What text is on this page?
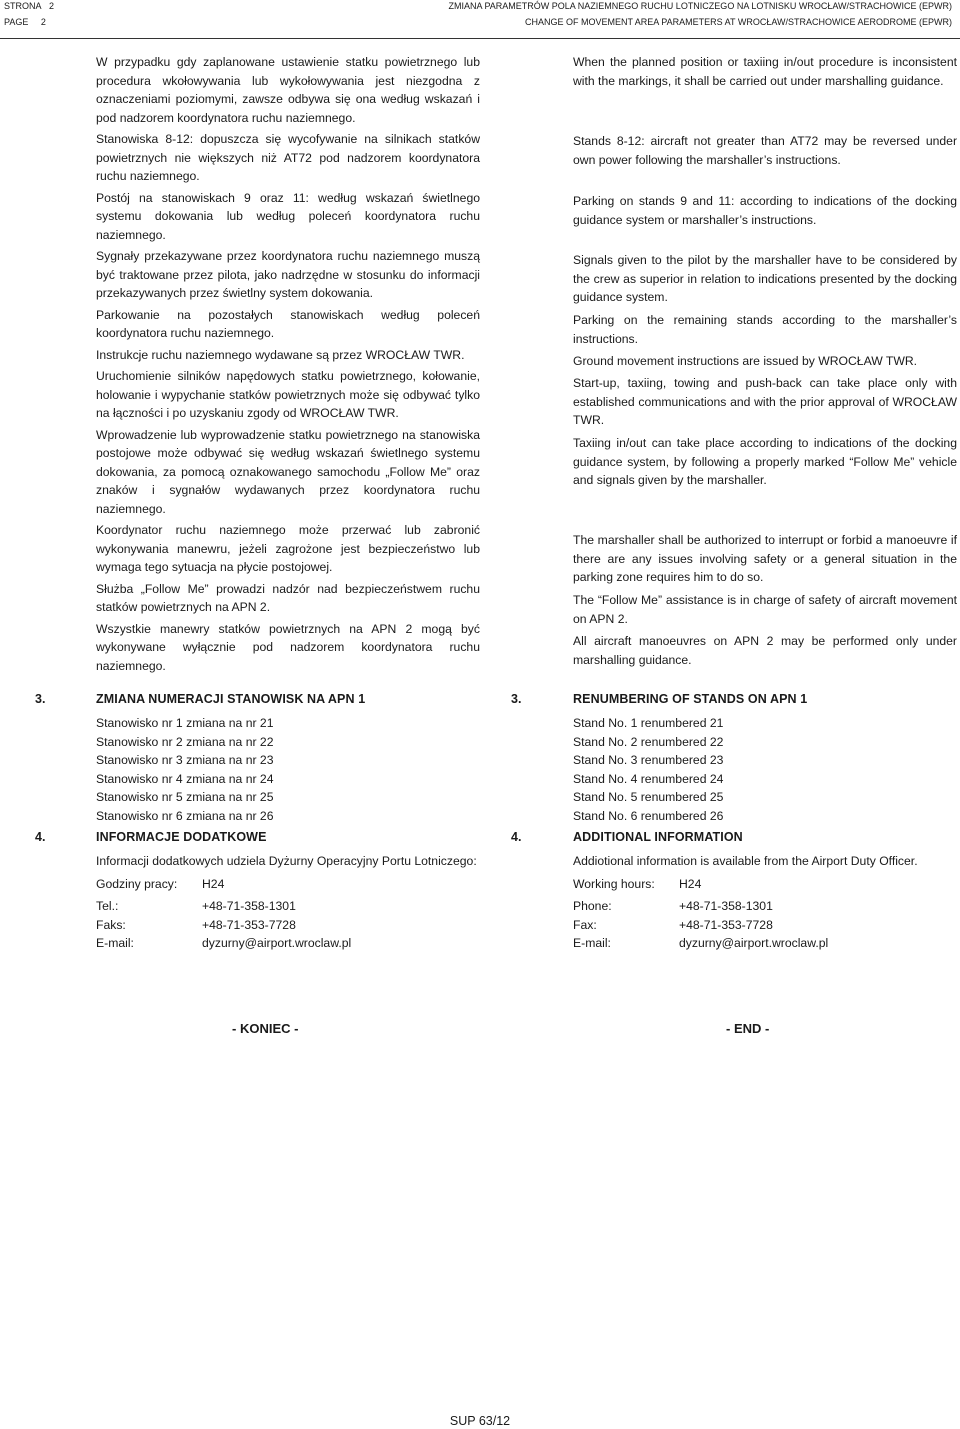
STRONA 2
PAGE 2
ZMIANA PARAMETRÓW POLA NAZIEMNEGO RUCHU LOTNICZEGO NA LOTNISKU WROCŁAW/STRACHOWICE (EPWR)
CHANGE OF MOVEMENT AREA PARAMETERS AT WROCŁAW/STRACHOWICE AERODROME (EPWR)

W przypadku gdy zaplanowane ustawienie statku powietrznego lub procedura wkołowywania lub wykołowywania jest niezgodna z oznaczeniami poziomymi, zawsze odbywa się ona według wskazań i pod nadzorem koordynatora ruchu naziemnego.

Stanowiska 8-12: dopuszcza się wycofywanie na silnikach statków powietrznych nie większych niż AT72 pod nadzorem koordynatora ruchu naziemnego.

Postój na stanowiskach 9 oraz 11: według wskazań świetlnego systemu dokowania lub według poleceń koordynatora ruchu naziemnego.

Sygnały przekazywane przez koordynatora ruchu naziemnego muszą być traktowane przez pilota, jako nadrzędne w stosunku do informacji przekazywanych przez świetlny system dokowania.

Parkowanie na pozostałych stanowiskach według poleceń koordynatora ruchu naziemnego.

Instrukcje ruchu naziemnego wydawane są przez WROCŁAW TWR.

Uruchomienie silników napędowych statku powietrznego, kołowanie, holowanie i wypychanie statków powietrznych może się odbywać tylko na łączności i po uzyskaniu zgody od WROCŁAW TWR.

Wprowadzenie lub wyprowadzenie statku powietrznego na stanowiska postojowe może odbywać się według wskazań świetlnego systemu dokowania, za pomocą oznakowanego samochodu „Follow Me” oraz znaków i sygnałów wydawanych przez koordynatora ruchu naziemnego.

Koordynator ruchu naziemnego może przerwać lub zabronić wykonywania manewru, jeżeli zagrożone jest bezpieczeństwo lub wymaga tego sytuacja na płycie postojowej.

Służba „Follow Me” prowadzi nadzór nad bezpieczeństwem ruchu statków powietrznych na APN 2.

Wszystkie manewry statków powietrznych na APN 2 mogą być wykonywane wyłącznie pod nadzorem koordynatora ruchu naziemnego.

When the planned position or taxiing in/out procedure is inconsistent with the markings, it shall be carried out under marshalling guidance.

Stands 8-12: aircraft not greater than AT72 may be reversed under own power following the marshaller’s instructions.

Parking on stands 9 and 11: according to indications of the docking guidance system or marshaller’s instructions.

Signals given to the pilot by the marshaller have to be considered by the crew as superior in relation to indications presented by the docking guidance system.

Parking on the remaining stands according to the marshaller’s instructions.

Ground movement instructions are issued by WROCŁAW TWR.

Start-up, taxiing, towing and push-back can take place only with established communications and with the prior approval of WROCŁAW TWR.

Taxiing in/out can take place according to indications of the docking guidance system, by following a properly marked “Follow Me” vehicle and signals given by the marshaller.

The marshaller shall be authorized to interrupt or forbid a manoeuvre if there are any issues involving safety or a general situation in the parking zone requires him to do so.

The “Follow Me” assistance is in charge of safety of aircraft movement on APN 2.

All aircraft manoeuvres on APN 2 may be performed only under marshalling guidance.

3.	ZMIANA NUMERACJI STANOWISK NA APN 1
Stanowisko nr 1 zmiana na nr 21
Stanowisko nr 2 zmiana na nr 22
Stanowisko nr 3 zmiana na nr 23
Stanowisko nr 4 zmiana na nr 24
Stanowisko nr 5 zmiana na nr 25
Stanowisko nr 6 zmiana na nr 26
3.	RENUMBERING OF STANDS ON APN 1
Stand No. 1 renumbered 21
Stand No. 2 renumbered 22
Stand No. 3 renumbered 23
Stand No. 4 renumbered 24
Stand No. 5 renumbered 25
Stand No. 6 renumbered 26
4.	INFORMACJE DODATKOWE
Informacji dodatkowych udziela Dyżurny Operacyjny Portu Lotniczego:
Godziny pracy: H24
Tel.:	+48-71-358-1301
Faks:	+48-71-353-7728
E-mail:	dyzurny@airport.wroclaw.pl
4.	ADDITIONAL INFORMATION
Addiotional information is available from the Airport Duty Officer.
Working hours: H24
Phone:	+48-71-358-1301
Fax:	+48-71-353-7728
E-mail:	dyzurny@airport.wroclaw.pl
- KONIEC -	- END -
SUP 63/12
